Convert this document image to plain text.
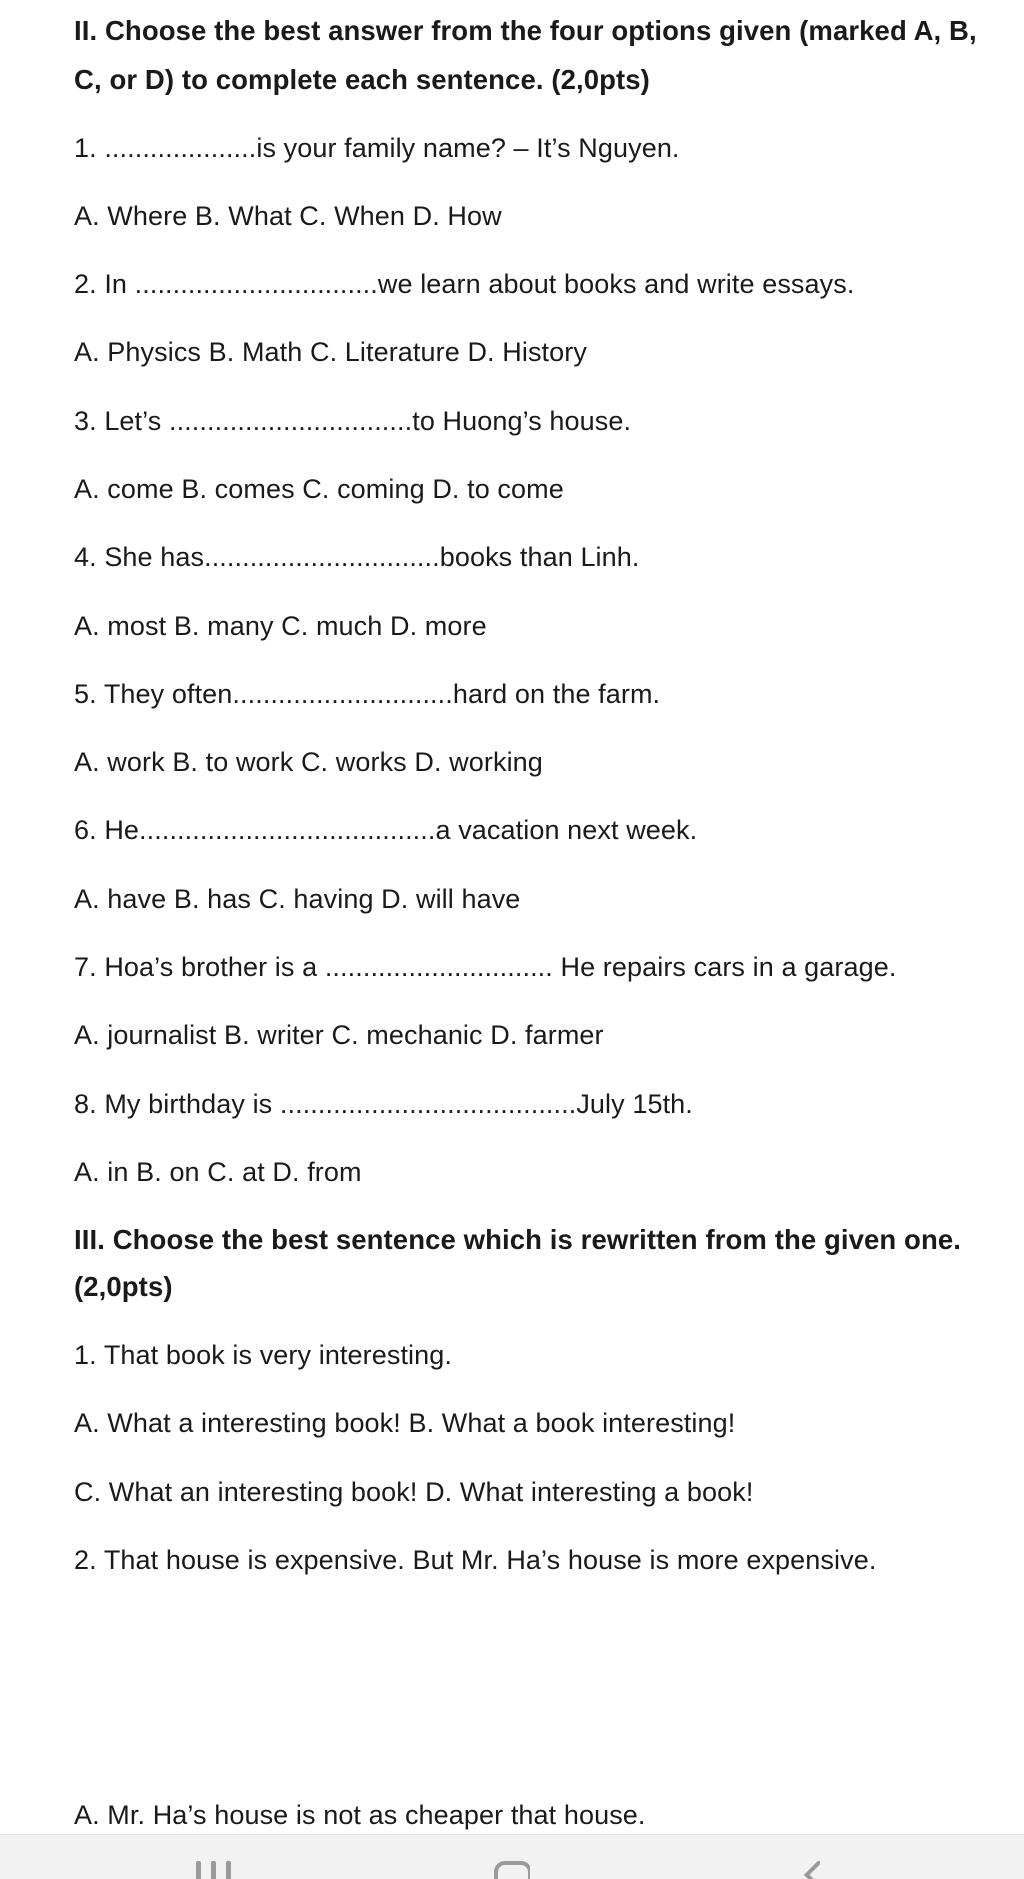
II. Choose the best answer from the four options given (marked A, B,
C, or D) to complete each sentence. (2,0pts)
1. ....................is your family name? – It’s Nguyen.
A. Where B. What C. When D. How
2. In ................................we learn about books and write essays.
A. Physics B. Math C. Literature D. History
3. Let’s ................................to Huong’s house.
A. come B. comes C. coming D. to come
4. She has...............................books than Linh.
A. most B. many C. much D. more
5. They often.............................hard on the farm.
A. work B. to work C. works D. working
6. He.......................................a vacation next week.
A. have B. has C. having D. will have
7. Hoa’s brother is a .............................. He repairs cars in a garage.
A. journalist B. writer C. mechanic D. farmer
8. My birthday is .......................................July 15th.
A. in B. on C. at D. from
III. Choose the best sentence which is rewritten from the given one.
(2,0pts)
1. That book is very interesting.
A. What a interesting book! B. What a book interesting!
C. What an interesting book! D. What interesting a book!
2. That house is expensive. But Mr. Ha’s house is more expensive.
A. Mr. Ha’s house is not as cheaper that house.
